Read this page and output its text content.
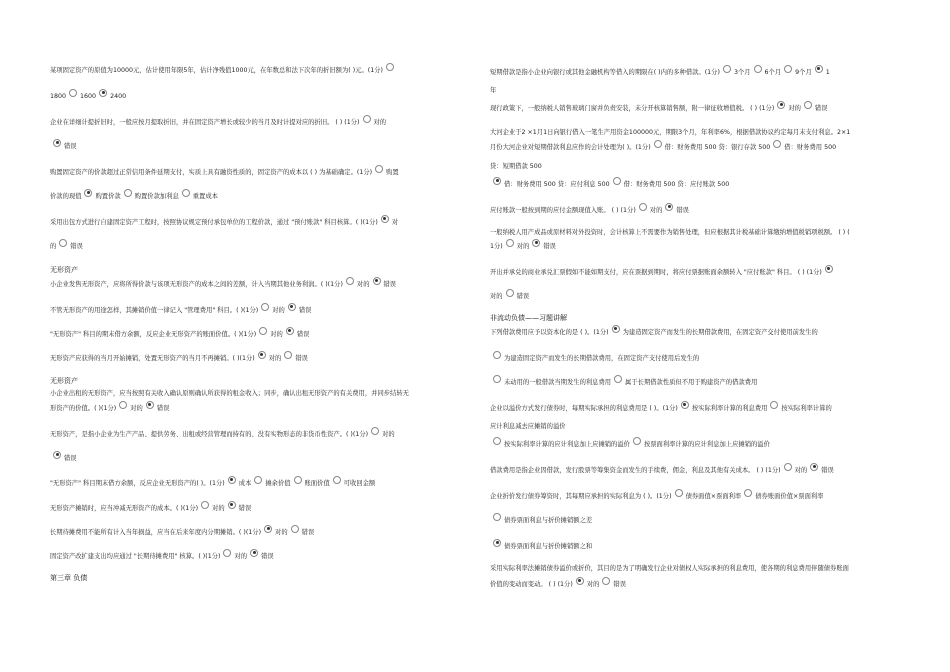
某项固定资产的原值为10000元，估计使用年限5年，估计净残值1000元，在年数总和法下次年的折旧额为( )元。(1分)
1800 1600 2400
企业在详细计提折旧时，一般应按月提取折旧，并在固定资产增长或较少的当月及时计提对应的折旧。 ( ) (1分) 对的
错误
购置固定资产的价款超过正常信用条件延期支付，实质上具有融资性质的，固定资产的成本以 ( ) 为基础确定。(1分) 购置
价款的现值 购置价款 购置价款加利息 重置成本
采用出包方式进行自建固定资产工程时，按照协议规定预付承包单位的工程价款，通过 "预付账款" 科目核算。( )(1分) 对
的 错误
无形资产
小企业发售无形资产，应将所得价款与该项无形资产的成本之间的差额，计入当期其他业务利润。( )(1分) 对的 错误
不管无形资产的用途怎样，其摊销价值一律记入 "管理费用" 科目。( )(1分) 对的 错误
"无形资产" 科目的期末借方余额，反应企业无形资产的账面价值。( )(1分) 对的 错误
无形资产应获得的当月开始摊销，处置无形资产的当月不再摊销。( )(1分) 对的 错误
无形资产
小企业出租的无形资产，应当按照有关收入确认原则确认所获得的租金收入；同步，确认出租无形资产的有关费用，并同步结转无
形资产的价值。( )(1分) 对的 错误
无形资产，是指小企业为生产产品、提供劳务、出租或经营管理而持有的、没有实物形态的非货币性资产。( )(1分) 对的
错误
"无形资产" 科目期末借方余额，反应企业无形资产的( )。(1分) 成本 摊余价值 账面价值 可收回金额
无形资产摊销时，应当冲减无形资产的成本。( )(1分) 对的 错误
长期待摊费用不能所有计入当年损益，应当在后来年度内分期摊销。( )(1分) 对的 错误
固定资产改扩建支出均应通过 "长期待摊费用" 核算。( )(1分) 对的 错误
第三章 负债
短期借款是指小企业向银行或其他金融机构等借入的期限在( )内的多种借款。(1分) 3个月 6个月 9个月 1
年
现行政策下，一般纳税人销售玻璃门窗并负责安装，未分开核算销售额，附一律征收增值税。 ( ) (1分) 对的 错误
大河企业于2 ×1月1日向银行借入一笔生产用资金100000元，期限3个月，年利率6%，根据借款协议约定每月末支付利息。2×1
月份大河企业对短期借款利息应作的会计处理为( )。(1分) 借：财务费用 500 贷：银行存款 500 借：财务费用 500
贷：短期借款 500
借：财务费用 500 贷：应付利息 500 借：财务费用 500 贷：应付账款 500
应付账款一般按到期的应付金额现值入账。 ( ) (1分) 对的 错误
一般纳税人用产成品或原材料对外投资时，会计核算上不需要作为销售处理，但应根据其计税基础计算缴纳增值税销项税额。 ( ) (
1分) 对的 错误
开出并承兑的商业承兑汇票假如不能如期支付，应在票据到期时，将应付票据账面余额转入 "应付账款" 科目。 ( ) (1分)
对的 错误
非流动负债——习题讲解
下列借款费用应予以资本化的是 ( )。(1分) 为建造固定资产而发生的长期借款费用，在固定资产交付使用前发生的
为建造固定资产而发生的长期借款费用，在固定资产支付使用后发生的
未动用的一般借款当期发生的利息费用 属于长期借款性质但不用于购建资产的借款费用
企业以溢价方式发行债券时，每期实际承担的利息费用是 ( )。(1分) 按实际利率计算的利息费用 按实际利率计算的
应计利息减去应摊销的溢价
按实际利率计算的应计利息加上应摊销的溢价 按票面利率计算的应计利息加上应摊销的溢价
借款费用是指企业因借款，发行股票等筹集资金而发生的手续费，佣金，利息及其他有关成本。 ( ) (1分) 对的 错误
企业折价发行债券筹资时，其每期应承担的实际利息为 ( )。(1分) 债券面值×票面利率 债券账面价值×票面利率
债券票面利息与折价摊销额之差
债券票面利息与折价摊销额之和
采用实际利率法摊销债券溢价或折价，其目的是为了明确发行企业对债权人实际承担的利息费用，使各期的利息费用伴随债券账面
价值的变动而变动。 ( ) (1分) 对的 错误
